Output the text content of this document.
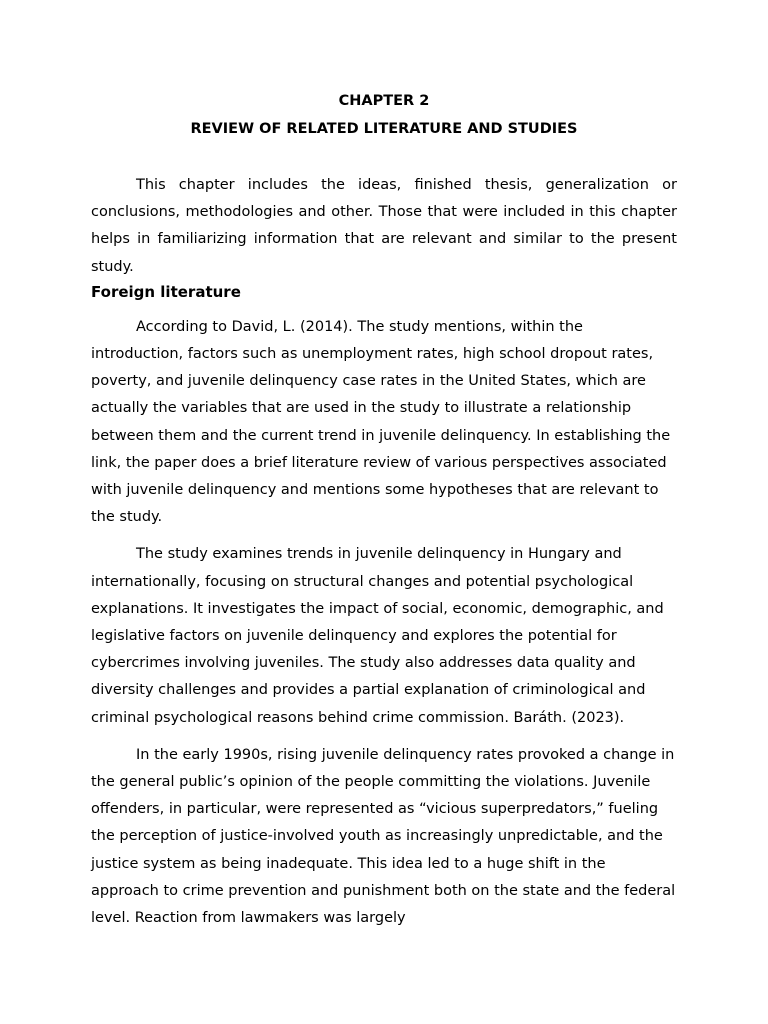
CHAPTER 2

REVIEW OF RELATED LITERATURE AND STUDIES

This chapter includes the ideas, finished thesis, generalization or conclusions, methodologies and other. Those that were included in this chapter helps in familiarizing information that are relevant and similar to the present study.

Foreign literature

According to David, L. (2014). The study mentions, within the introduction, factors such as unemployment rates, high school dropout rates, poverty, and juvenile delinquency case rates in the United States, which are actually the variables that are used in the study to illustrate a relationship between them and the current trend in juvenile delinquency. In establishing the link, the paper does a brief literature review of various perspectives associated with juvenile delinquency and mentions some hypotheses that are relevant to the study.

The study examines trends in juvenile delinquency in Hungary and internationally, focusing on structural changes and potential psychological explanations. It investigates the impact of social, economic, demographic, and legislative factors on juvenile delinquency and explores the potential for cybercrimes involving juveniles. The study also addresses data quality and diversity challenges and provides a partial explanation of criminological and criminal psychological reasons behind crime commission. Baráth. (2023).

In the early 1990s, rising juvenile delinquency rates provoked a change in the general public’s opinion of the people committing the violations. Juvenile offenders, in particular, were represented as “vicious superpredators,” fueling the perception of justice-involved youth as increasingly unpredictable, and the justice system as being inadequate. This idea led to a huge shift in the approach to crime prevention and punishment both on the state and the federal level. Reaction from lawmakers was largely
